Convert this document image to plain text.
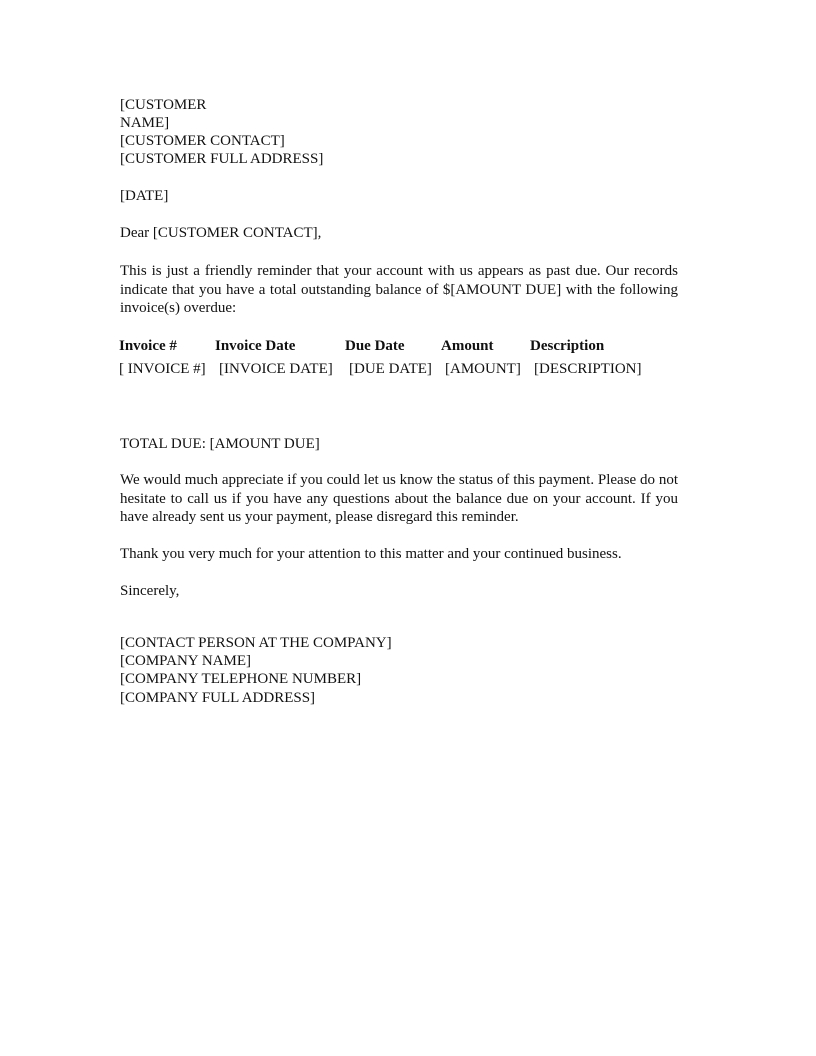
[CUSTOMER
NAME]
[CUSTOMER CONTACT]
[CUSTOMER FULL ADDRESS]
[DATE]
Dear [CUSTOMER CONTACT],
This is just a friendly reminder that your account with us appears as past due. Our records indicate that you have a total outstanding balance of $[AMOUNT DUE] with the following invoice(s) overdue:
Invoice #	Invoice Date	Due Date Amount Description
[ INVOICE #] [INVOICE DATE] [DUE DATE] [AMOUNT] [DESCRIPTION]
TOTAL DUE: [AMOUNT DUE]
We would much appreciate if you could let us know the status of this payment. Please do not hesitate to call us if you have any questions about the balance due on your account. If you have already sent us your payment, please disregard this reminder.
Thank you very much for your attention to this matter and your continued business.
Sincerely,
[CONTACT PERSON AT THE COMPANY]
[COMPANY NAME]
[COMPANY TELEPHONE NUMBER]
[COMPANY FULL ADDRESS]
